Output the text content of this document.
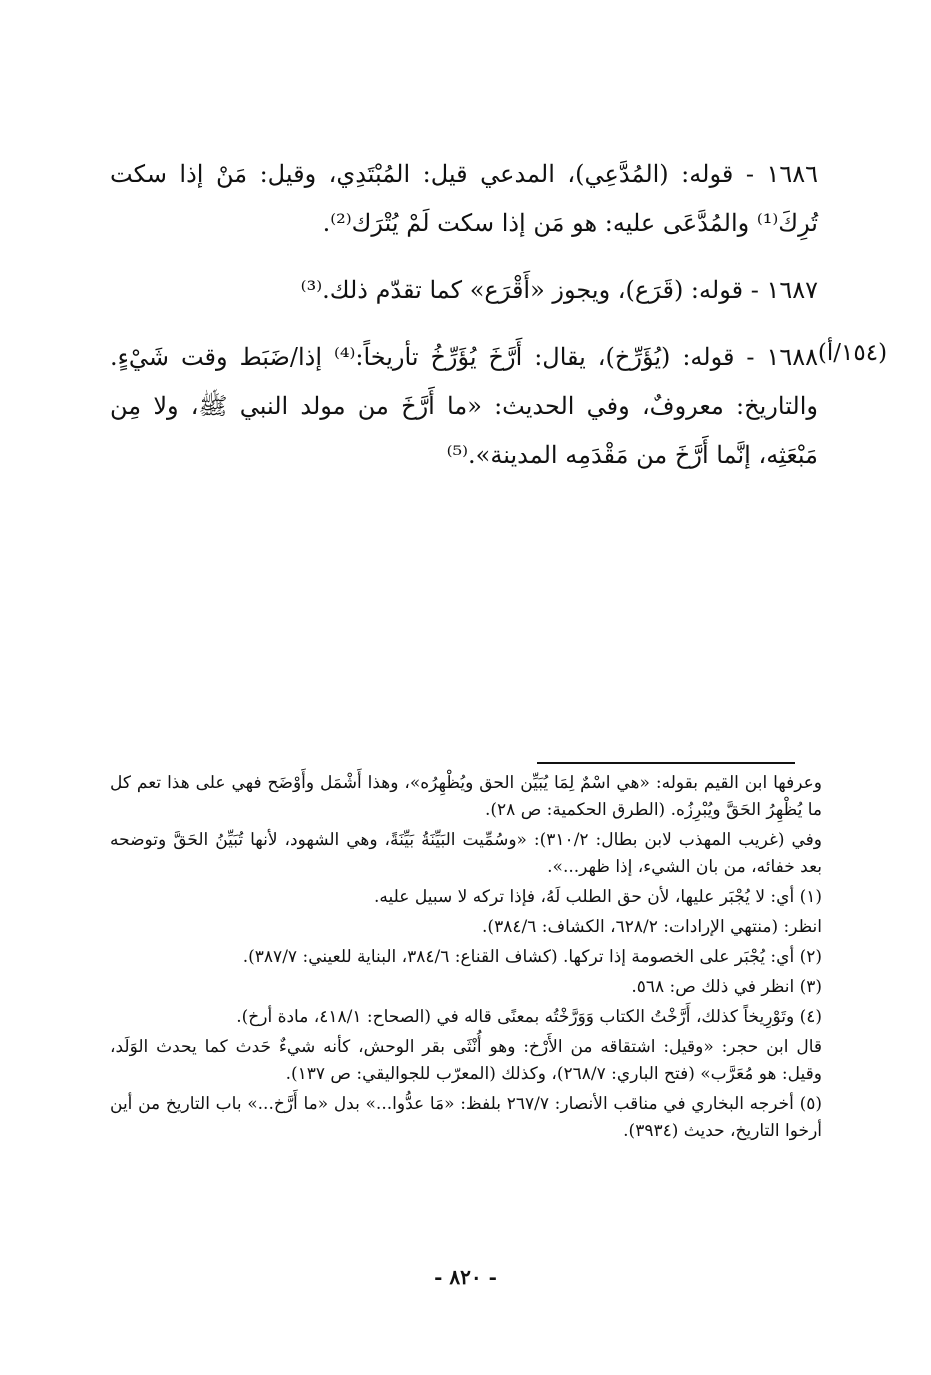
(١٥٤/أ)

١٦٨٦ - قوله: (المُدَّعِي)، المدعي قيل: المُبْتَدِي، وقيل: مَنْ إذا سكت تُرِكَ⁽¹⁾ والمُدَّعَى عليه: هو مَن إذا سكت لَمْ يُتْرَك⁽²⁾.

١٦٨٧ - قوله: (قَرَع)، ويجوز «أَقْرَع» كما تقدّم ذلك.⁽³⁾

١٦٨٨ - قوله: (يُؤَرِّخ)، يقال: أَرَّخَ يُؤَرِّخُ تأريخاً:⁽⁴⁾ إذا/ضَبَط وقت شَيْءٍ. والتاريخ: معروفٌ، وفي الحديث: «ما أَرَّخَ من مولد النبي ﷺ، ولا مِن مَبْعَثِه، إنَّما أَرَّخَ من مَقْدَمِه المدينة».⁽⁵⁾

وعرفها ابن القيم بقوله: «هي اسْمٌ لِمَا يُبَيِّن الحق ويُظْهِرُه»، وهذا أَشْمَل وأَوْضَح فهي على هذا تعم كل ما يُظْهِرُ الحَقَّ ويُبْرِزُه. (الطرق الحكمية: ص ٢٨).

وفي (غريب المهذب لابن بطال: ٣١٠/٢): «وسُمِّيت البَيِّنَةُ بَيِّنَةً، وهي الشهود، لأنها تُبَيِّنُ الحَقَّ وتوضحه بعد خفائه، من بان الشيء، إذا ظهر...».

(١) أي: لا يُجْبَر عليها، لأن حق الطلب لَهُ، فإذا تركه لا سبيل عليه.

انظر: (منتهي الإرادات: ٦٢٨/٢، الكشاف: ٣٨٤/٦).

(٢) أي: يُجْبَر على الخصومة إذا تركها. (كشاف القناع: ٣٨٤/٦، البناية للعيني: ٣٨٧/٧).

(٣) انظر في ذلك ص: ٥٦٨.

(٤) وتَوْرِيخاً كذلك، أَرَّخْتُ الكتاب وَوَرَّخْتُه بمعنًى قاله في (الصحاح: ٤١٨/١، مادة أرخ).

قال ابن حجر: «وقيل: اشتقاقه من الأَرْخ: وهو أُنْثَى بقر الوحش، كأنه شيءٌ حَدث كما يحدث الوَلَد، وقيل: هو مُعَرَّب» (فتح الباري: ٢٦٨/٧)، وكذلك (المعرّب للجواليقي: ص ١٣٧).

(٥) أخرجه البخاري في مناقب الأنصار: ٢٦٧/٧ بلفظ: «مَا عدُّوا...» بدل «ما أَرَّخ...» باب التاريخ من أين أرخوا التاريخ، حديث (٣٩٣٤).

- ٨٢٠ -
